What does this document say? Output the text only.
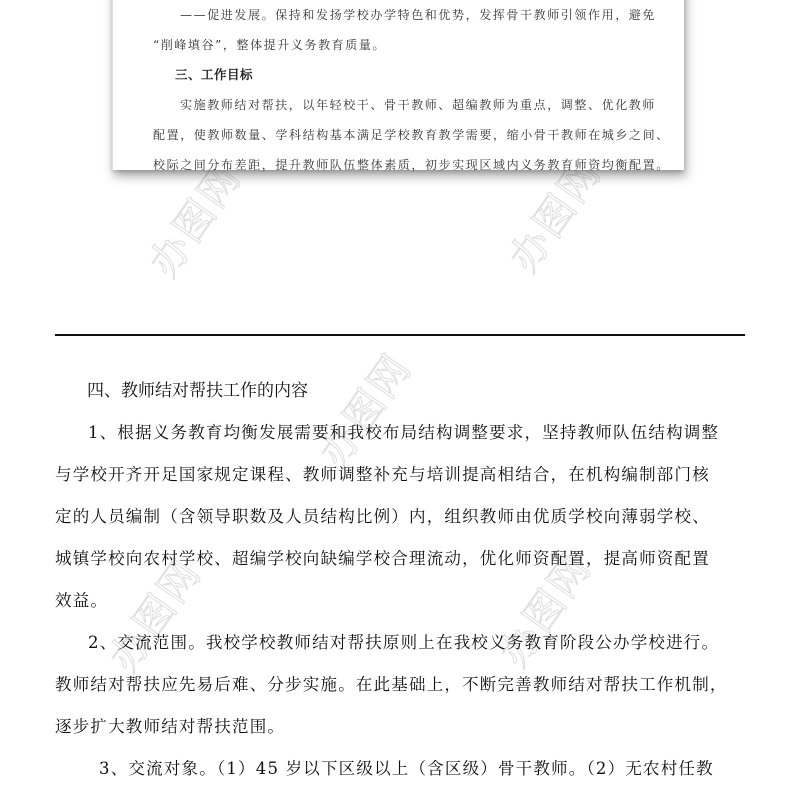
办图网	办图网
办图网
办图网	办图网
——促进发展。保持和发扬学校办学特色和优势，发挥骨干教师引领作用，避免
“削峰填谷”，整体提升义务教育质量。
三、工作目标
实施教师结对帮扶，以年轻校干、骨干教师、超编教师为重点，调整、优化教师
配置，使教师数量、学科结构基本满足学校教育教学需要，缩小骨干教师在城乡之间、
校际之间分布差距，提升教师队伍整体素质，初步实现区域内义务教育师资均衡配置。
四、教师结对帮扶工作的内容
1、根据义务教育均衡发展需要和我校布局结构调整要求，坚持教师队伍结构调整
与学校开齐开足国家规定课程、教师调整补充与培训提高相结合，在机构编制部门核
定的人员编制（含领导职数及人员结构比例）内，组织教师由优质学校向薄弱学校、
城镇学校向农村学校、超编学校向缺编学校合理流动，优化师资配置，提高师资配置
效益。
2、交流范围。我校学校教师结对帮扶原则上在我校义务教育阶段公办学校进行。
教师结对帮扶应先易后难、分步实施。在此基础上，不断完善教师结对帮扶工作机制，
逐步扩大教师结对帮扶范围。
3、交流对象。（1）45 岁以下区级以上（含区级）骨干教师。（2）无农村任教
